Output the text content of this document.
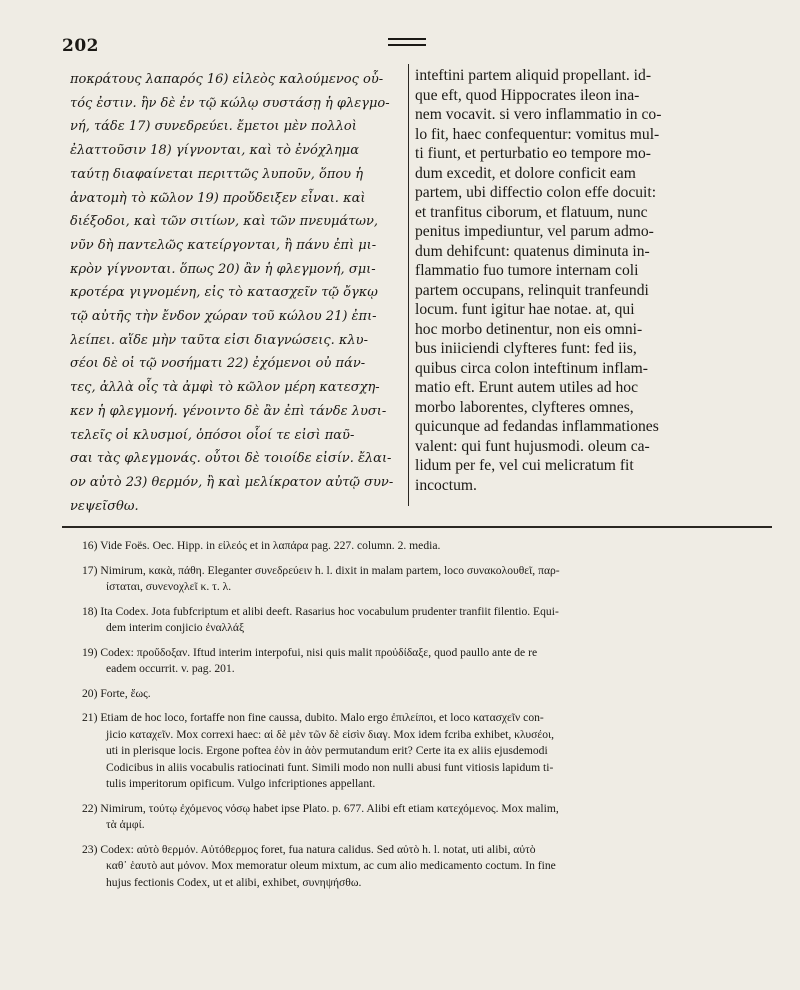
202
ποκράτους λαπαρός 16) εἰλεὸς καλούμενος οὗ-
τός ἐστιν. ἢν δὲ ἐν τῷ κώλῳ συστάσῃ ἡ φλεγμο-
νή, τάδε 17) συνεδρεύει. ἔμετοι μὲν πολλοὶ
ἐλαττοῦσιν 18) γίγνονται, καὶ τὸ ἐνόχλημα
ταύτῃ διαφαίνεται περιττῶς λυποῦν, ὅπου ἡ
ἀνατομὴ τὸ κῶλον 19) προὔδειξεν εἶναι. καὶ
διέξοδοι, καὶ τῶν σιτίων, καὶ τῶν πνευμάτων,
νῦν δὴ παντελῶς κατείργονται, ἢ πάνυ ἐπὶ μι-
κρὸν γίγνονται. ὅπως 20) ἂν ἡ φλεγμονή, σμι-
κροτέρα γιγνομένη, εἰς τὸ κατασχεῖν τῷ ὄγκῳ
τῷ αὐτῆς τὴν ἔνδον χώραν τοῦ κώλου 21) ἐπι-
λείπει. αἵδε μὴν ταῦτα εἰσι διαγνώσεις. κλυ-
σέοι δὲ οἱ τῷ νοσήματι 22) ἐχόμενοι οὐ πάν-
τες, ἀλλὰ οἷς τὰ ἀμφὶ τὸ κῶλον μέρη κατεσχη-
κεν ἡ φλεγμονή. γένοιντο δὲ ἂν ἐπὶ τάνδε λυσι-
τελεῖς οἱ κλυσμοί, ὁπόσοι οἷοί τε εἰσὶ παῦ-
σαι τὰς φλεγμονάς. οὗτοι δὲ τοιοίδε εἰσίν. ἔλαι-
ον αὐτὸ 23) θερμόν, ἢ καὶ μελίκρατον αὐτῷ συν-
νεψεῖσθω.
inteftini partem aliquid propellant. id-
que eft, quod Hippocrates ileon ina-
nem vocavit. si vero inflammatio in co-
lo fit, haec confequentur: vomitus mul-
ti fiunt, et perturbatio eo tempore mo-
dum excedit, et dolore conficit eam
partem, ubi diffectio colon effe docuit:
et tranfitus ciborum, et flatuum, nunc
penitus impediuntur, vel parum admo-
dum dehifcunt: quatenus diminuta in-
flammatio fuo tumore internam coli
partem occupans, relinquit tranfeundi
locum. funt igitur hae notae. at, qui
hoc morbo detinentur, non eis omni-
bus iniiciendi clyfteres funt: fed iis,
quibus circa colon inteftinum inflam-
matio eft. Erunt autem utiles ad hoc
morbo laborentes, clyfteres omnes,
quicunque ad fedandas inflammationes
valent: qui funt hujusmodi. oleum ca-
lidum per fe, vel cui melicratum fit
incoctum.
16) Vide Foës. Oec. Hipp. in εἰλεός et in λαπάρα pag. 227. column. 2. media.
17) Nimirum, κακὰ, πάθη. Eleganter συνεδρεύειν h. l. dixit in malam partem, loco συνακολουθεῖ, παρ-
ίσταται, συνενοχλεῖ κ. τ. λ.
18) Ita Codex. Jota fubfcriptum et alibi deeft. Rasarius hoc vocabulum prudenter tranfiit filentio. Equi-
dem interim conjicio ἐναλλάξ
19) Codex: προὔδοξαν. Iftud interim interpofui, nisi quis malit προὐδίδαξε, quod paullo ante de re
eadem occurrit. v. pag. 201.
20) Forte, ἕως.
21) Etiam de hoc loco, fortaffe non fine caussa, dubito. Malo ergo ἐπιλείποι, et loco κατασχεῖν con-
jicio καταχεῖν. Mox correxi haec: αἱ δὲ μὲν τῶν δὲ εἰσὶν διαγ. Mox idem fcriba exhibet, κλυσέοι,
uti in plerisque locis. Ergone poftea ἐὸν in ἀὸν permutandum erit? Certe ita ex aliis ejusdemodi
Codicibus in aliis vocabulis ratiocinati funt. Simili modo non nulli abusi funt vitiosis lapidum ti-
tulis imperitorum opificum. Vulgo infcriptiones appellant.
22) Nimirum, τούτῳ ἐχόμενος νόσῳ habet ipse Plato. p. 677. Alibi eft etiam κατεχόμενος. Mox malim,
τὰ ἀμφί.
23) Codex: αὐτὸ θερμόν. Αὐτόθερμος foret, fua natura calidus. Sed αὐτὸ h. l. notat, uti alibi, αὐτὸ
καθ᾽ ἑαυτὸ aut μόνον. Mox memoratur oleum mixtum, ac cum alio medicamento coctum. In fine
hujus fectionis Codex, ut et alibi, exhibet, συνηψήσθω.
